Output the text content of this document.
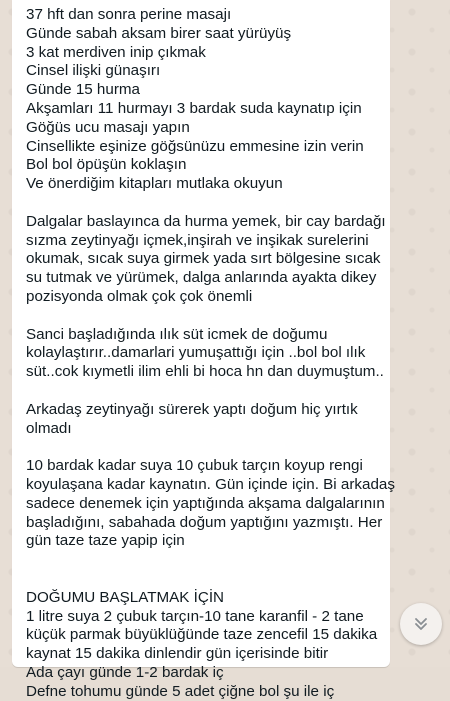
37 hft dan sonra perine masajı
Günde sabah aksam birer saat yürüyüş
3 kat merdiven inip çıkmak
Cinsel ilişki günaşırı
Günde 15 hurma
Akşamları 11 hurmayı 3 bardak suda kaynatıp için
Göğüs ucu masajı yapın
Cinsellikte eşinize göğsünüzu emmesine izin verin
Bol bol öpüşün koklaşın
Ve önerdiğim kitapları mutlaka okuyun
Dalgalar baslayınca da hurma yemek, bir cay bardağı
sızma zeytinyağı içmek,inşirah ve inşikak surelerini
okumak, sıcak suya girmek yada sırt bölgesine sıcak
su tutmak ve yürümek, dalga anlarında ayakta dikey
pozisyonda olmak çok çok önemli
Sanci başladığında ılık süt icmek de doğumu
kolaylaştırır..damarlari yumuşattığı için ..bol bol ılık
süt..cok kıymetli ilim ehli bi hoca hn dan duymuştum..
Arkadaş zeytinyağı sürerek yaptı doğum hiç yırtık
olmadı
10 bardak kadar suya 10 çubuk tarçın koyup rengi
koyulaşana kadar kaynatın. Gün içinde için. Bi arkadaş
sadece denemek için yaptığında akşama dalgalarının
başladığını, sabahada doğum yaptığını yazmıştı. Her
gün taze taze yapip için
DOĞUMU BAŞLATMAK İÇİN
1 litre suya 2 çubuk tarçın-10 tane karanfil - 2 tane
küçük parmak büyüklüğünde taze zencefil 15 dakika
kaynat 15 dakika dinlendir gün içerisinde bitir
Ada çayı günde 1-2 bardak iç
Defne tohumu günde 5 adet çiğne bol şu ile iç
